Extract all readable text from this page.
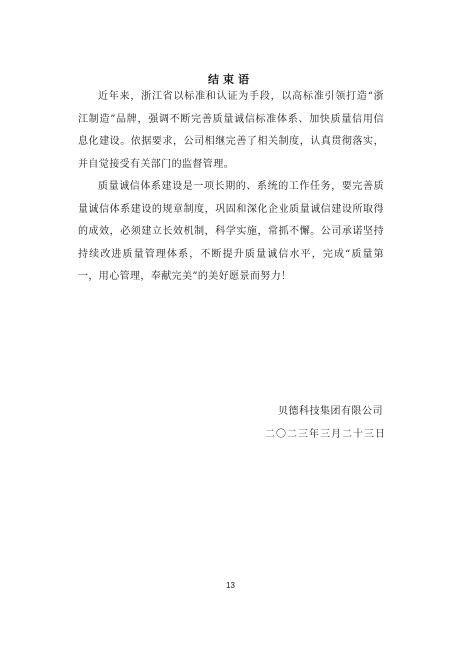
结束语

近年来，浙江省以标准和认证为手段，以高标准引领打造“浙江制造”品牌，强调不断完善质量诚信标准体系、加快质量信用信息化建设。依据要求，公司相继完善了相关制度，认真贯彻落实，并自觉接受有关部门的监督管理。

质量诚信体系建设是一项长期的、系统的工作任务，要完善质量诚信体系建设的规章制度，巩固和深化企业质量诚信建设所取得的成效，必须建立长效机制，科学实施，常抓不懈。公司承诺坚持持续改进质量管理体系，不断提升质量诚信水平，完成“质量第一，用心管理，奉献完美”的美好愿景而努力！

贝德科技集团有限公司
二〇二三年三月二十三日
13
